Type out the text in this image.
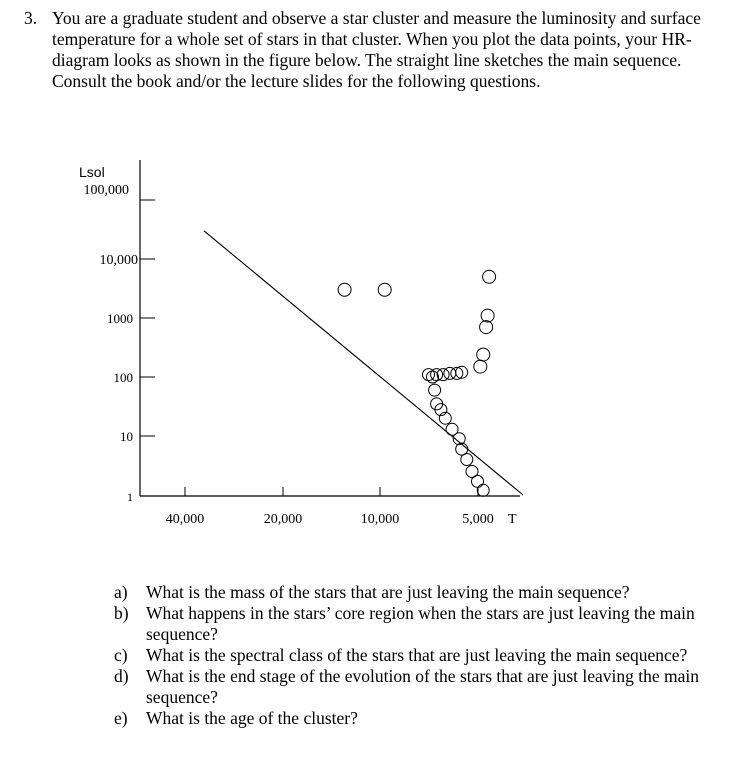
3. You are a graduate student and observe a star cluster and measure the luminosity and surface temperature for a whole set of stars in that cluster. When you plot the data points, your HR-diagram looks as shown in the figure below. The straight line sketches the main sequence. Consult the book and/or the lecture slides for the following questions.
100,000
10,000
1000
100
10
1
40,000	20,000	10,000	5,000
Lsol
T
a) What is the mass of the stars that are just leaving the main sequence?
b) What happens in the stars’ core region when the stars are just leaving the main sequence?
c) What is the spectral class of the stars that are just leaving the main sequence?
d) What is the end stage of the evolution of the stars that are just leaving the main sequence?
e) What is the age of the cluster?
